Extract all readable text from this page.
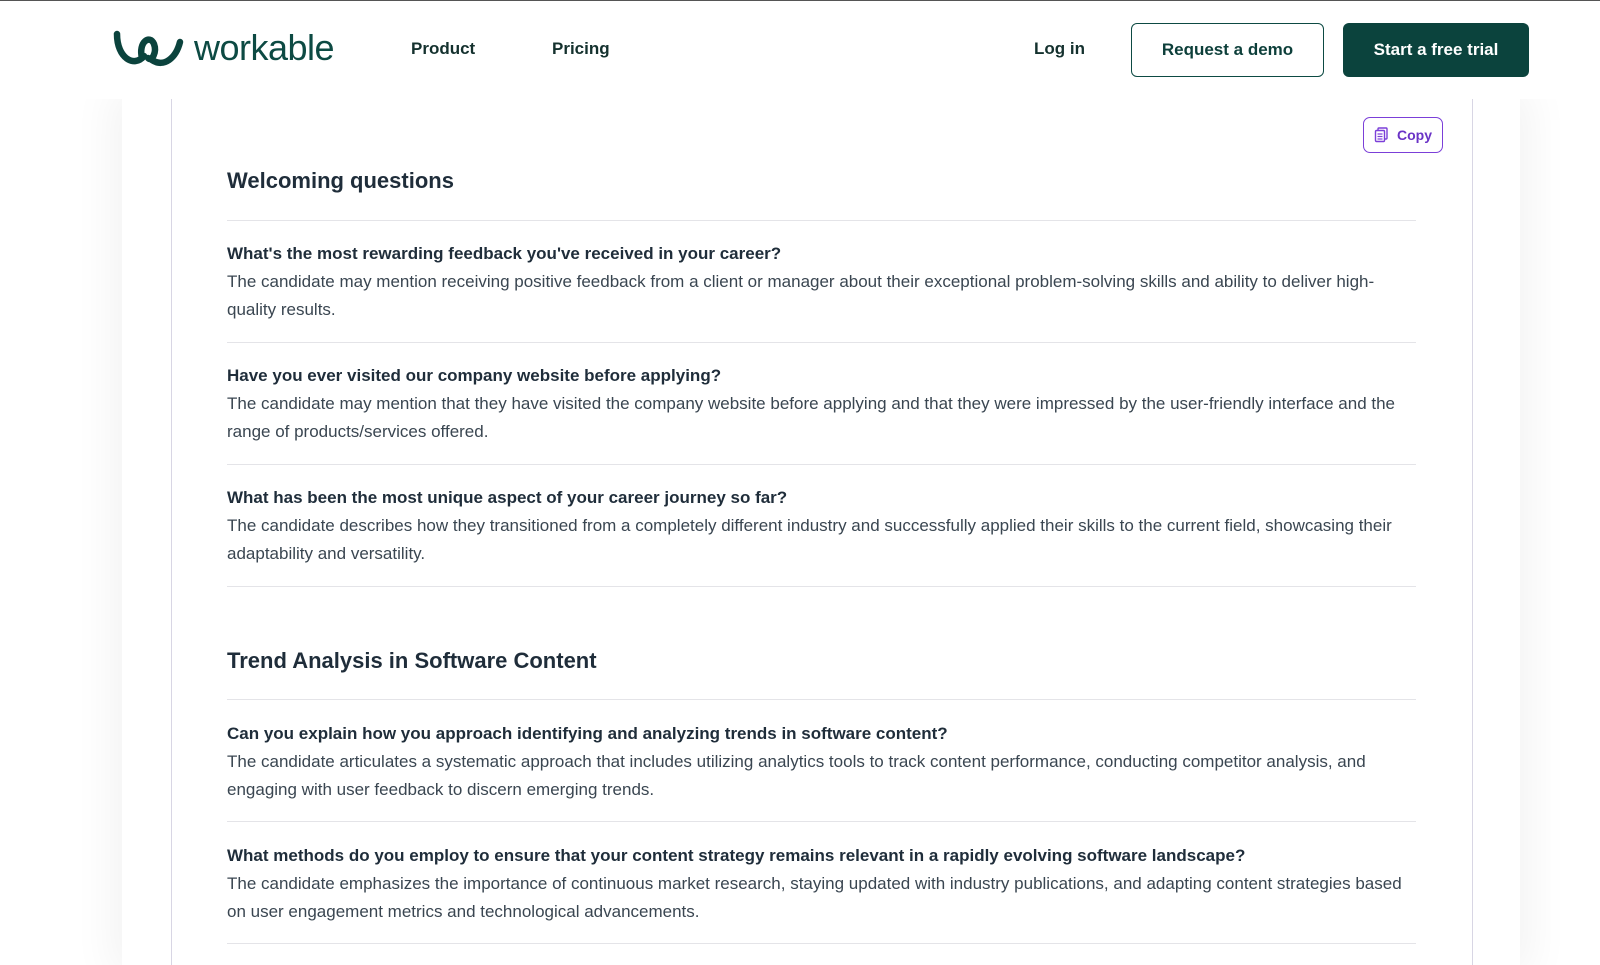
workable	Product	Pricing	Log in	Request a demo	Start a free trial
Copy
Welcoming questions

What's the most rewarding feedback you've received in your career?

The candidate may mention receiving positive feedback from a client or manager about their exceptional problem-solving skills and ability to deliver high-quality results.

Have you ever visited our company website before applying?

The candidate may mention that they have visited the company website before applying and that they were impressed by the user-friendly interface and the range of products/services offered.

What has been the most unique aspect of your career journey so far?

The candidate describes how they transitioned from a completely different industry and successfully applied their skills to the current field, showcasing their adaptability and versatility.

Trend Analysis in Software Content

Can you explain how you approach identifying and analyzing trends in software content?

The candidate articulates a systematic approach that includes utilizing analytics tools to track content performance, conducting competitor analysis, and engaging with user feedback to discern emerging trends.

What methods do you employ to ensure that your content strategy remains relevant in a rapidly evolving software landscape?

The candidate emphasizes the importance of continuous market research, staying updated with industry publications, and adapting content strategies based on user engagement metrics and technological advancements.
